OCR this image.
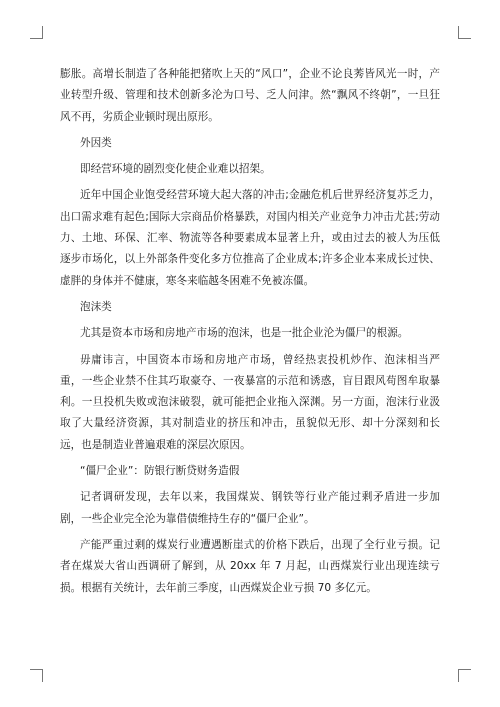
膨胀。高增长制造了各种能把猪吹上天的“风口”，企业不论良莠皆风光一时，产业转型升级、管理和技术创新多沦为口号、乏人问津。然“飘风不终朝”，一旦狂风不再，劣质企业顿时现出原形。

外因类

即经营环境的剧烈变化使企业难以招架。

近年中国企业饱受经营环境大起大落的冲击;金融危机后世界经济复苏乏力，出口需求难有起色;国际大宗商品价格暴跌，对国内相关产业竞争力冲击尤甚;劳动力、土地、环保、汇率、物流等各种要素成本显著上升，或由过去的被人为压低逐步市场化，以上外部条件变化多方位推高了企业成本;许多企业本来成长过快、虚胖的身体并不健康，寒冬来临越冬困难不免被冻僵。

泡沫类

尤其是资本市场和房地产市场的泡沫，也是一批企业沦为僵尸的根源。

毋庸讳言，中国资本市场和房地产市场，曾经热衷投机炒作、泡沫相当严重，一些企业禁不住其巧取豪夺、一夜暴富的示范和诱惑，盲目跟风苟图牟取暴利。一旦投机失败或泡沫破裂，就可能把企业拖入深渊。另一方面，泡沫行业汲取了大量经济资源，其对制造业的挤压和冲击，虽貌似无形、却十分深刻和长远，也是制造业普遍艰难的深层次原因。

“僵尸企业”：防银行断贷财务造假

记者调研发现，去年以来，我国煤炭、钢铁等行业产能过剩矛盾进一步加剧，一些企业完全沦为靠借债维持生存的“僵尸企业”。

产能严重过剩的煤炭行业遭遇断崖式的价格下跌后，出现了全行业亏损。记者在煤炭大省山西调研了解到，从 20xx 年 7 月起，山西煤炭行业出现连续亏损。根据有关统计，去年前三季度，山西煤炭企业亏损 70 多亿元。
